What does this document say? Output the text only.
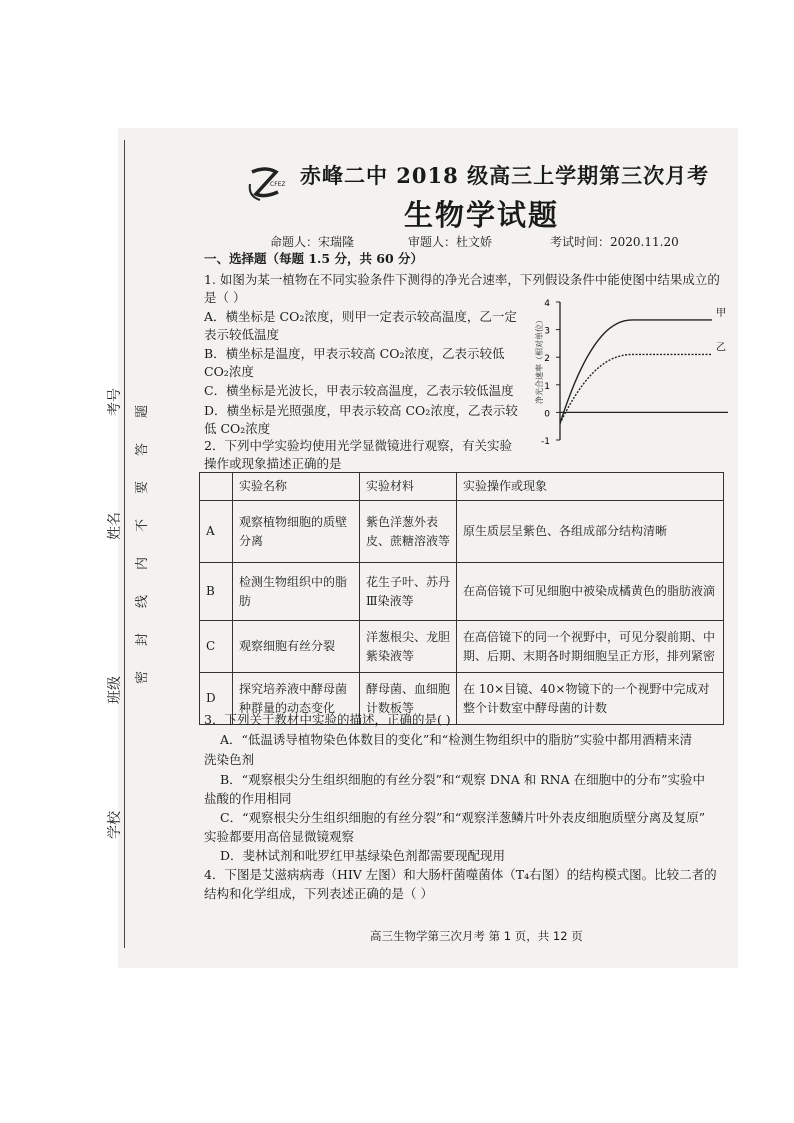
考号
姓名
班级
学校
题
答
要
不
内
线
封
密
CFEZ 赤峰二中 2018 级高三上学期第三次月考
生物学试题
命题人：宋瑞隆	审题人：杜文娇	考试时间：2020.11.20
一、选择题（每题 1.5 分，共 60 分）
1. 如图为某一植物在不同实验条件下测得的净光合速率，下列假设条件中能使图中结果成立的
是（ ）
A．横坐标是 CO₂浓度，则甲一定表示较高温度，乙一定
表示较低温度
B．横坐标是温度，甲表示较高 CO₂浓度，乙表示较低
CO₂浓度
C．横坐标是光波长，甲表示较高温度，乙表示较低温度
D．横坐标是光照强度，甲表示较高 CO₂浓度，乙表示较
低 CO₂浓度
净光合速率（相对单位）
4
3
2
1
0
-1
甲
乙
2．下列中学实验均使用光学显微镜进行观察，有关实验
操作或现象描述正确的是
	实验名称	实验材料	实验操作或现象
A	观察植物细胞的质壁分离	紫色洋葱外表皮、蔗糖溶液等	原生质层呈紫色、各组成部分结构清晰
B	检测生物组织中的脂肪	花生子叶、苏丹Ⅲ染液等	在高倍镜下可见细胞中被染成橘黄色的脂肪液滴
C	观察细胞有丝分裂	洋葱根尖、龙胆紫染液等	在高倍镜下的同一个视野中，可见分裂前期、中期、后期、末期各时期细胞呈正方形，排列紧密
D	探究培养液中酵母菌种群量的动态变化	酵母菌、血细胞计数板等	在 10×目镜、40×物镜下的一个视野中完成对整个计数室中酵母菌的计数
3．下列关于教材中实验的描述，正确的是( )
A．“低温诱导植物染色体数目的变化”和“检测生物组织中的脂肪”实验中都用酒精来清
洗染色剂
B．“观察根尖分生组织细胞的有丝分裂”和“观察 DNA 和 RNA 在细胞中的分布”实验中
盐酸的作用相同
C．“观察根尖分生组织细胞的有丝分裂”和“观察洋葱鳞片叶外表皮细胞质壁分离及复原”
实验都要用高倍显微镜观察
D．斐林试剂和吡罗红甲基绿染色剂都需要现配现用
4．下图是艾滋病病毒（HIV 左图）和大肠杆菌噬菌体（T₄右图）的结构模式图。比较二者的
结构和化学组成，下列表述正确的是（ ）
高三生物学第三次月考 第 1 页，共 12 页
